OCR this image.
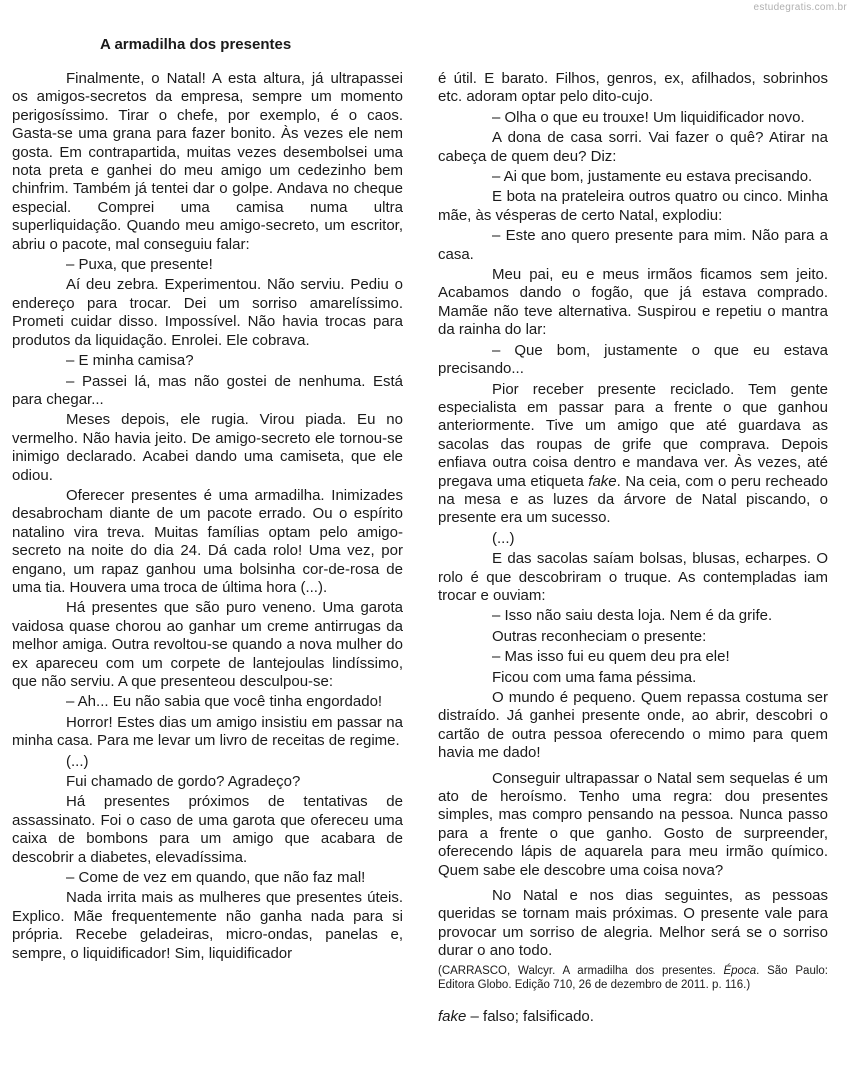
estudegratis.com.br
A armadilha dos presentes

Finalmente, o Natal! A esta altura, já ultrapassei os amigos-secretos da empresa, sempre um momento perigosíssimo. Tirar o chefe, por exemplo, é o caos. Gasta-se uma grana para fazer bonito. Às vezes ele nem gosta. Em contrapartida, muitas vezes desembolsei uma nota preta e ganhei do meu amigo um cedezinho bem chinfrim. Também já tentei dar o golpe. Andava no cheque especial. Comprei uma camisa numa ultra superliquidação. Quando meu amigo-secreto, um escritor, abriu o pacote, mal conseguiu falar:

– Puxa, que presente!

Aí deu zebra. Experimentou. Não serviu. Pediu o endereço para trocar. Dei um sorriso amarelíssimo. Prometi cuidar disso. Impossível. Não havia trocas para produtos da liquidação. Enrolei. Ele cobrava.

– E minha camisa?

– Passei lá, mas não gostei de nenhuma. Está para chegar...

Meses depois, ele rugia. Virou piada. Eu no vermelho. Não havia jeito. De amigo-secreto ele tornou-se inimigo declarado. Acabei dando uma camiseta, que ele odiou.

Oferecer presentes é uma armadilha. Inimizades desabrocham diante de um pacote errado. Ou o espírito natalino vira treva. Muitas famílias optam pelo amigo-secreto na noite do dia 24. Dá cada rolo! Uma vez, por engano, um rapaz ganhou uma bolsinha cor-de-rosa de uma tia. Houvera uma troca de última hora (...).

Há presentes que são puro veneno. Uma garota vaidosa quase chorou ao ganhar um creme antirrugas da melhor amiga. Outra revoltou-se quando a nova mulher do ex apareceu com um corpete de lantejoulas lindíssimo, que não serviu. A que presenteou desculpou-se:

– Ah... Eu não sabia que você tinha engordado!

Horror! Estes dias um amigo insistiu em passar na minha casa. Para me levar um livro de receitas de regime.

(...)

Fui chamado de gordo? Agradeço?

Há presentes próximos de tentativas de assassinato. Foi o caso de uma garota que ofereceu uma caixa de bombons para um amigo que acabara de descobrir a diabetes, elevadíssima.

– Come de vez em quando, que não faz mal!

Nada irrita mais as mulheres que presentes úteis. Explico. Mãe frequentemente não ganha nada para si própria. Recebe geladeiras, micro-ondas, panelas e, sempre, o liquidificador! Sim, liquidificador

é útil. E barato. Filhos, genros, ex, afilhados, sobrinhos etc. adoram optar pelo dito-cujo.

– Olha o que eu trouxe! Um liquidificador novo.

A dona de casa sorri. Vai fazer o quê? Atirar na cabeça de quem deu? Diz:

– Ai que bom, justamente eu estava precisando.

E bota na prateleira outros quatro ou cinco. Minha mãe, às vésperas de certo Natal, explodiu:

– Este ano quero presente para mim. Não para a casa.

Meu pai, eu e meus irmãos ficamos sem jeito. Acabamos dando o fogão, que já estava comprado. Mamãe não teve alternativa. Suspirou e repetiu o mantra da rainha do lar:

– Que bom, justamente o que eu estava precisando...

Pior receber presente reciclado. Tem gente especialista em passar para a frente o que ganhou anteriormente. Tive um amigo que até guardava as sacolas das roupas de grife que comprava. Depois enfiava outra coisa dentro e mandava ver. Às vezes, até pregava uma etiqueta fake. Na ceia, com o peru recheado na mesa e as luzes da árvore de Natal piscando, o presente era um sucesso.

(...)

E das sacolas saíam bolsas, blusas, echarpes. O rolo é que descobriram o truque. As contempladas iam trocar e ouviam:

– Isso não saiu desta loja. Nem é da grife.

Outras reconheciam o presente:

– Mas isso fui eu quem deu pra ele!

Ficou com uma fama péssima.

O mundo é pequeno. Quem repassa costuma ser distraído. Já ganhei presente onde, ao abrir, descobri o cartão de outra pessoa oferecendo o mimo para quem havia me dado!

Conseguir ultrapassar o Natal sem sequelas é um ato de heroísmo. Tenho uma regra: dou presentes simples, mas compro pensando na pessoa. Nunca passo para a frente o que ganho. Gosto de surpreender, oferecendo lápis de aquarela para meu irmão químico. Quem sabe ele descobre uma coisa nova?

No Natal e nos dias seguintes, as pessoas queridas se tornam mais próximas. O presente vale para provocar um sorriso de alegria. Melhor será se o sorriso durar o ano todo.

(CARRASCO, Walcyr. A armadilha dos presentes. Época. São Paulo: Editora Globo. Edição 710, 26 de dezembro de 2011. p. 116.)

fake – falso; falsificado.
